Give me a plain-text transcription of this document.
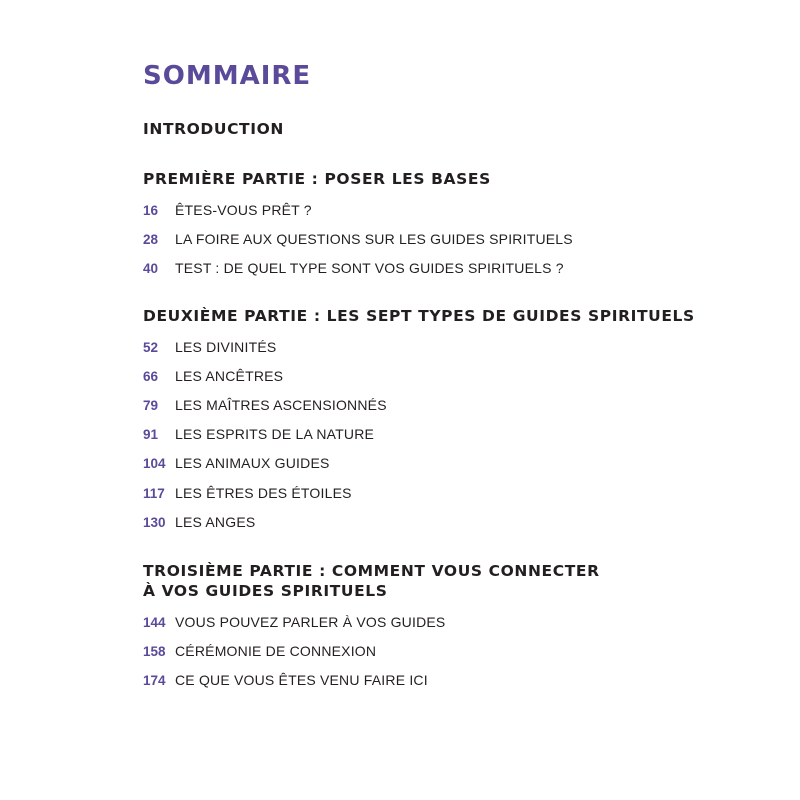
SOMMAIRE
INTRODUCTION
PREMIÈRE PARTIE : POSER LES BASES
16 ÊTES-VOUS PRÊT ?
28 LA FOIRE AUX QUESTIONS SUR LES GUIDES SPIRITUELS
40 TEST : DE QUEL TYPE SONT VOS GUIDES SPIRITUELS ?
DEUXIÈME PARTIE : LES SEPT TYPES DE GUIDES SPIRITUELS
52 LES DIVINITÉS
66 LES ANCÊTRES
79 LES MAÎTRES ASCENSIONNÉS
91 LES ESPRITS DE LA NATURE
104 LES ANIMAUX GUIDES
117 LES ÊTRES DES ÉTOILES
130 LES ANGES
TROISIÈME PARTIE : COMMENT VOUS CONNECTER
À VOS GUIDES SPIRITUELS
144 VOUS POUVEZ PARLER À VOS GUIDES
158 CÉRÉMONIE DE CONNEXION
174 CE QUE VOUS ÊTES VENU FAIRE ICI
